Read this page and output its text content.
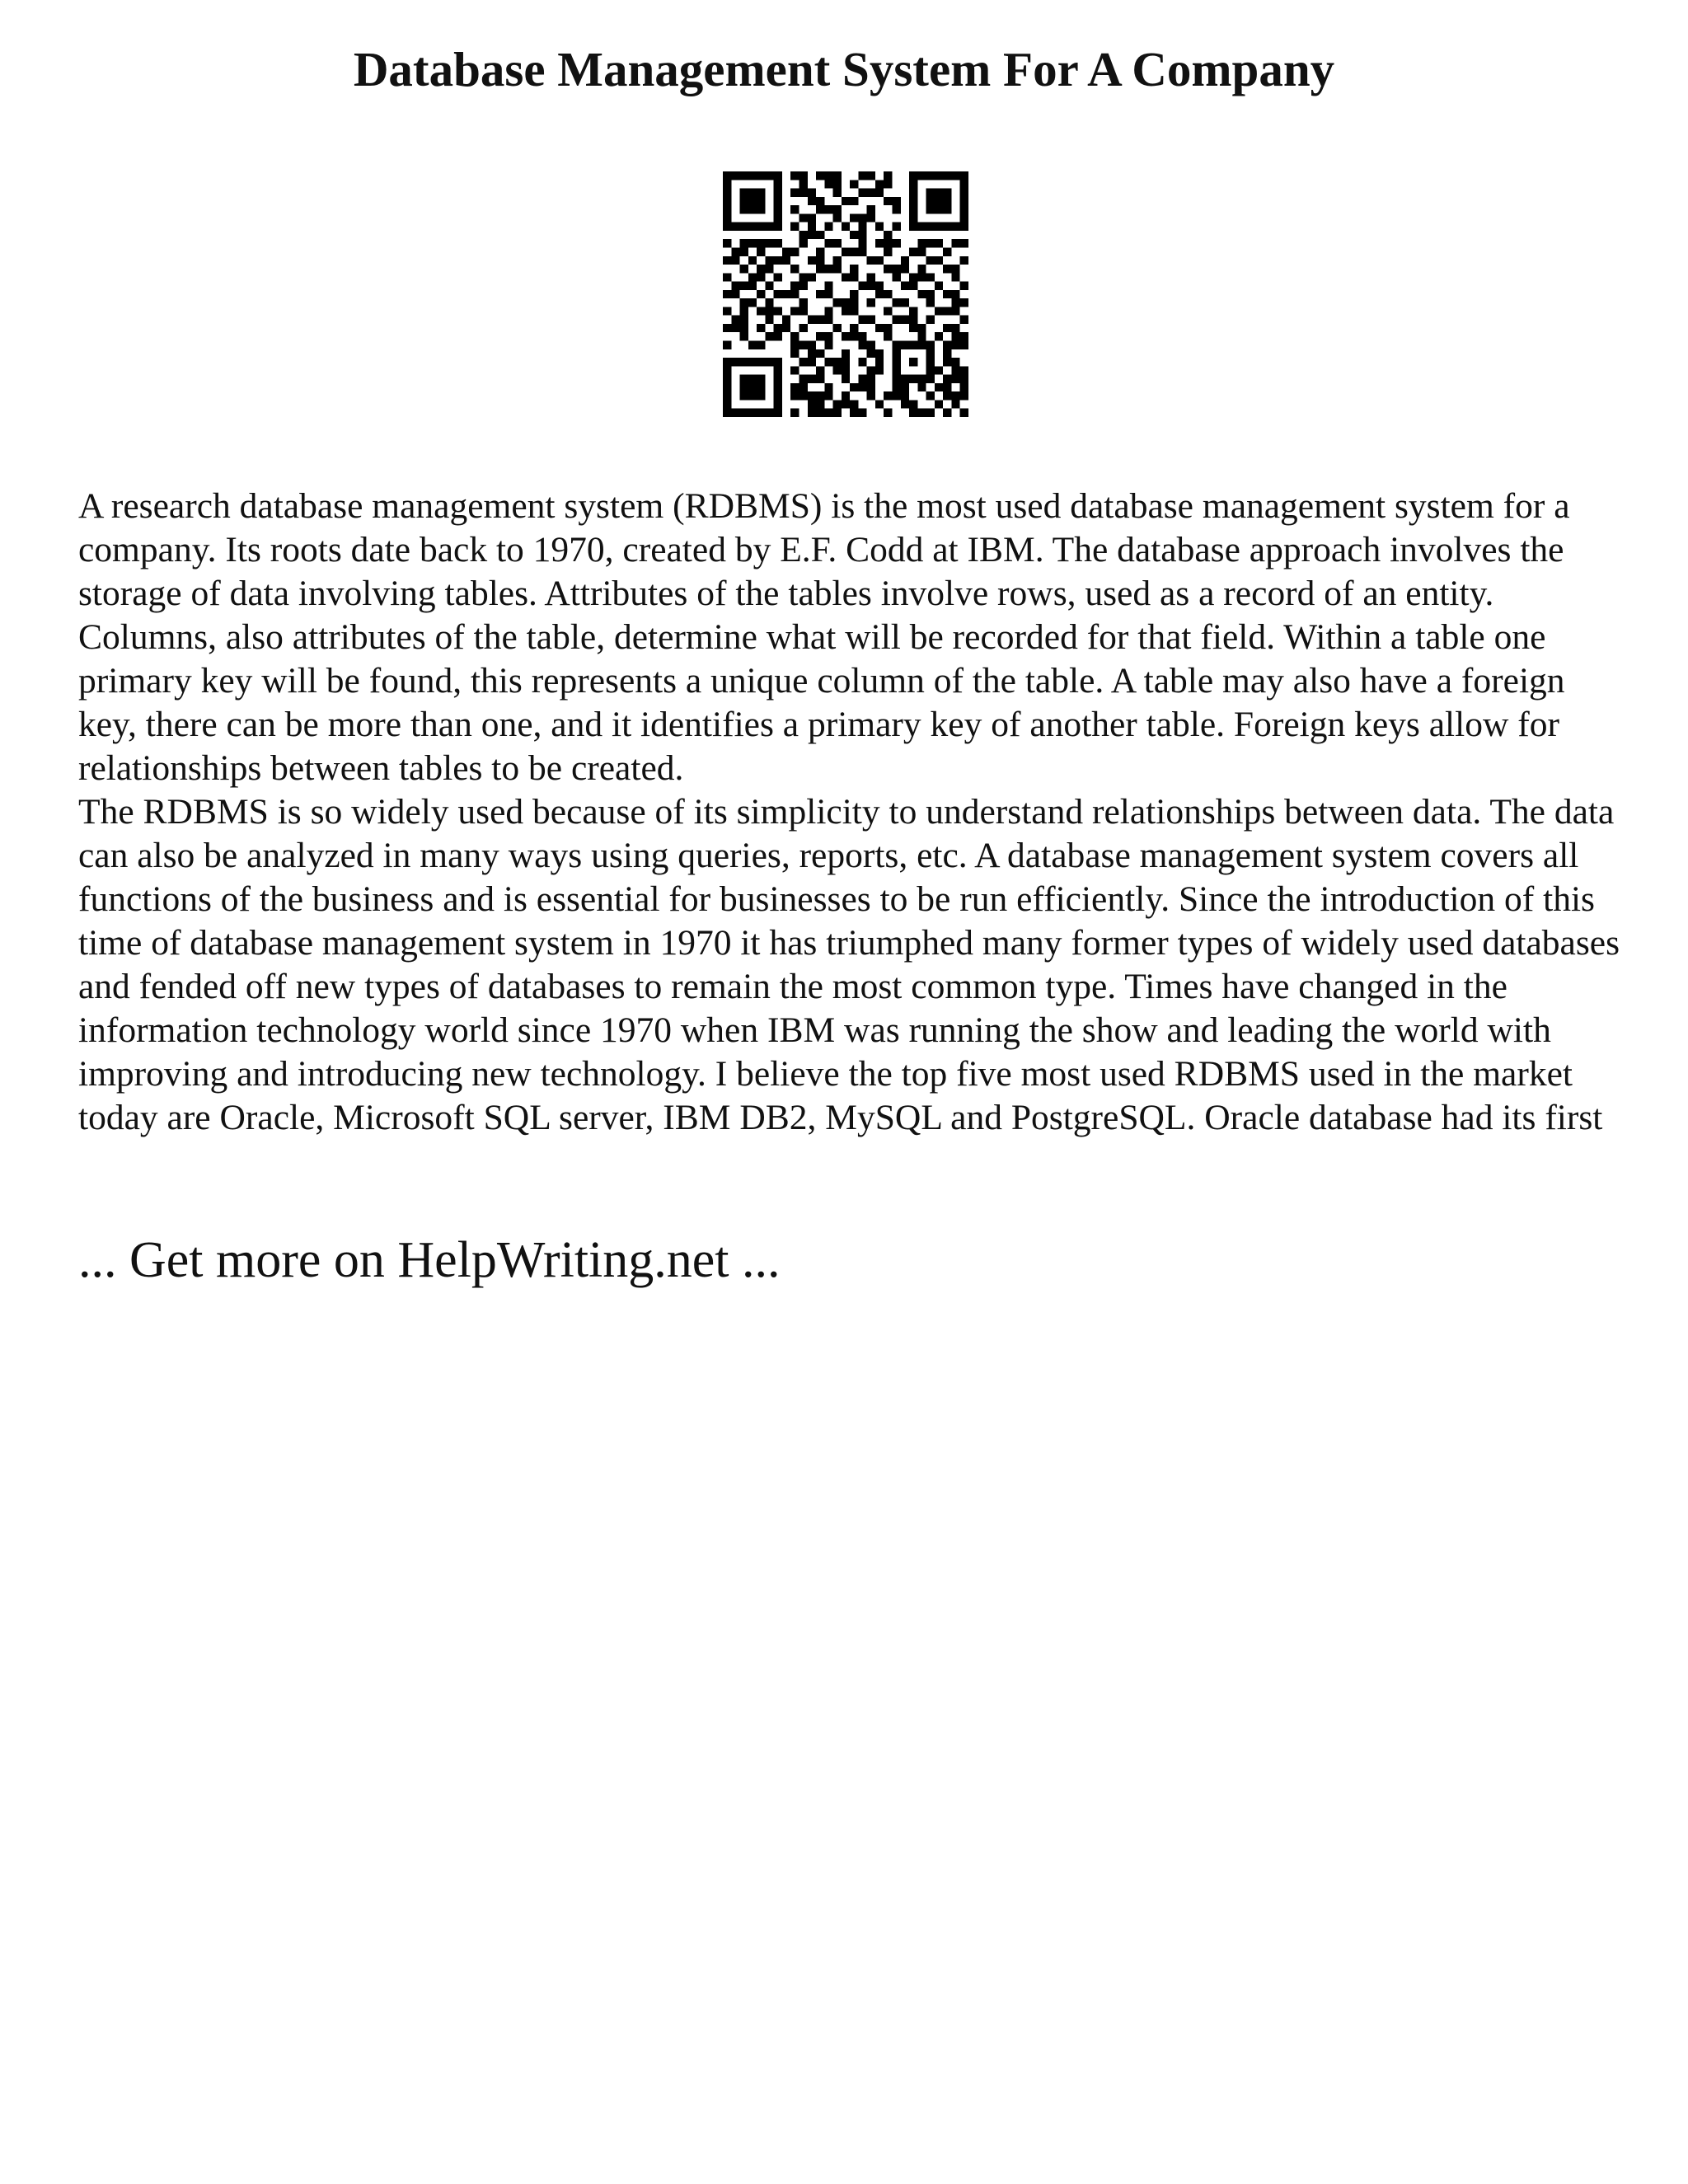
Database Management System For A Company

A research database management system (RDBMS) is the most used database management system for a company. Its roots date back to 1970, created by E.F. Codd at IBM. The database approach involves the storage of data involving tables. Attributes of the tables involve rows, used as a record of an entity. Columns, also attributes of the table, determine what will be recorded for that field. Within a table one primary key will be found, this represents a unique column of the table. A table may also have a foreign key, there can be more than one, and it identifies a primary key of another table. Foreign keys allow for relationships between tables to be created.

The RDBMS is so widely used because of its simplicity to understand relationships between data. The data can also be analyzed in many ways using queries, reports, etc. A database management system covers all functions of the business and is essential for businesses to be run efficiently. Since the introduction of this time of database management system in 1970 it has triumphed many former types of widely used databases and fended off new types of databases to remain the most common type. Times have changed in the information technology world since 1970 when IBM was running the show and leading the world with improving and introducing new technology. I believe the top five most used RDBMS used in the market today are Oracle, Microsoft SQL server, IBM DB2, MySQL and PostgreSQL. Oracle database had its first

... Get more on HelpWriting.net ...
